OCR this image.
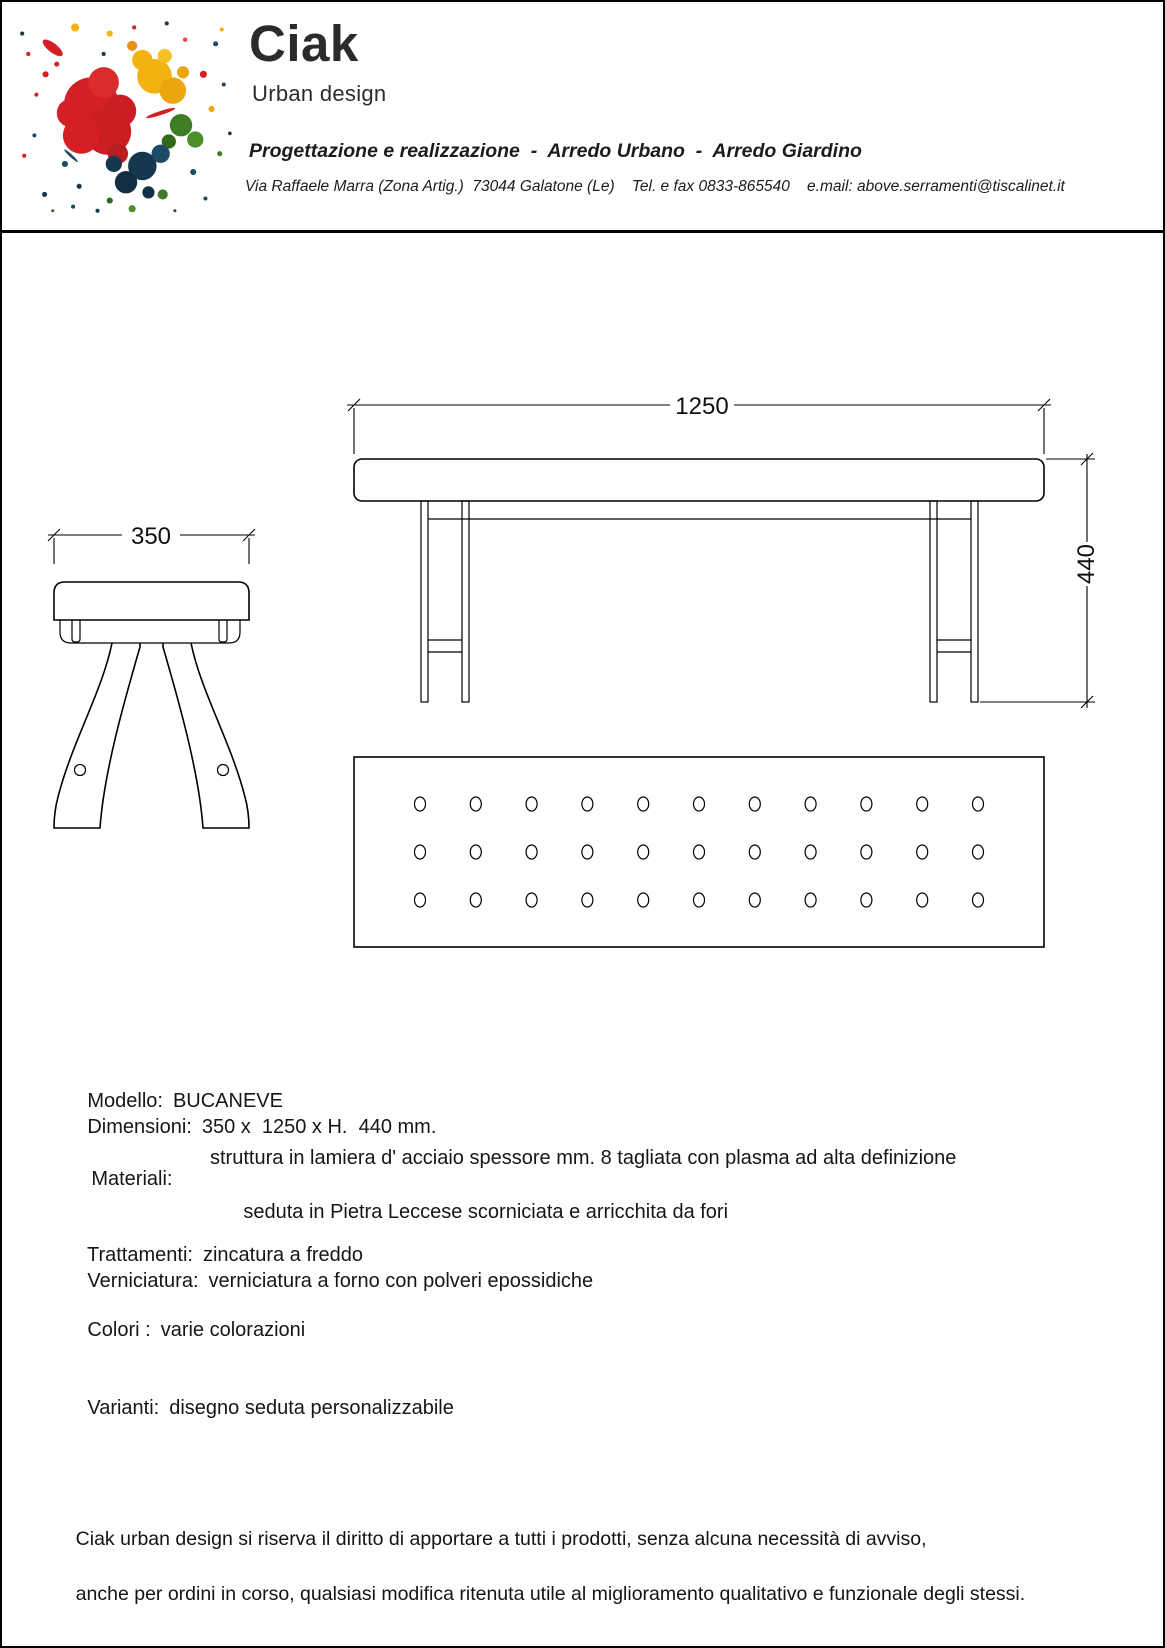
Ciak
Urban design
Progettazione e realizzazione  -  Arredo Urbano  -  Arredo Giardino
Via Raffaele Marra (Zona Artig.)  73044 Galatone (Le)    Tel. e fax 0833-865540    e.mail: above.serramenti@tiscalinet.it
1250
440
350

Modello: BUCANEVE

Dimensioni: 350 x  1250 x H.  440 mm.

Materiali:

struttura in lamiera d' acciaio spessore mm. 8 tagliata con plasma ad alta definizione

seduta in Pietra Leccese scorniciata e arricchita da fori

Trattamenti: zincatura a freddo

Verniciatura: verniciatura a forno con polveri epossidiche

Colori : varie colorazioni

Varianti: disegno seduta personalizzabile

Ciak urban design si riserva il diritto di apportare a tutti i prodotti, senza alcuna necessità di avviso,

anche per ordini in corso, qualsiasi modifica ritenuta utile al miglioramento qualitativo e funzionale degli stessi.
